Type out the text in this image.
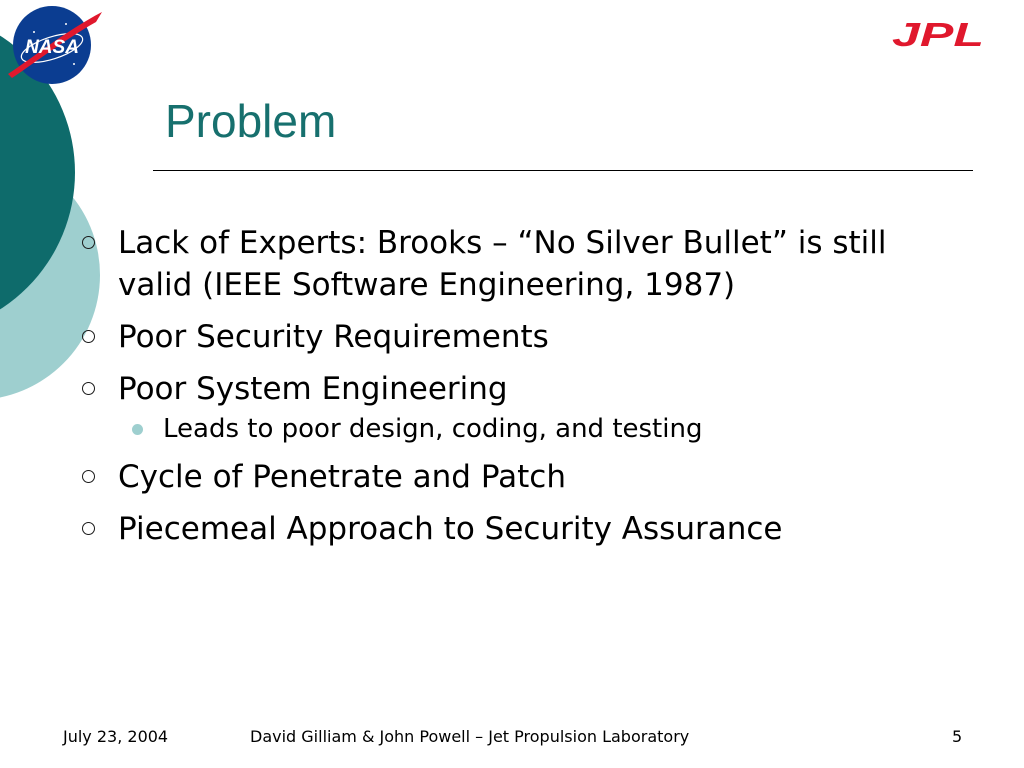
NASA	JPL
Problem
Lack of Experts: Brooks – “No Silver Bullet” is still valid (IEEE Software Engineering, 1987)
Poor Security Requirements
Poor System Engineering
Leads to poor design, coding, and testing
Cycle of Penetrate and Patch
Piecemeal Approach to Security Assurance
July 23, 2004	David Gilliam & John Powell – Jet Propulsion Laboratory	5
